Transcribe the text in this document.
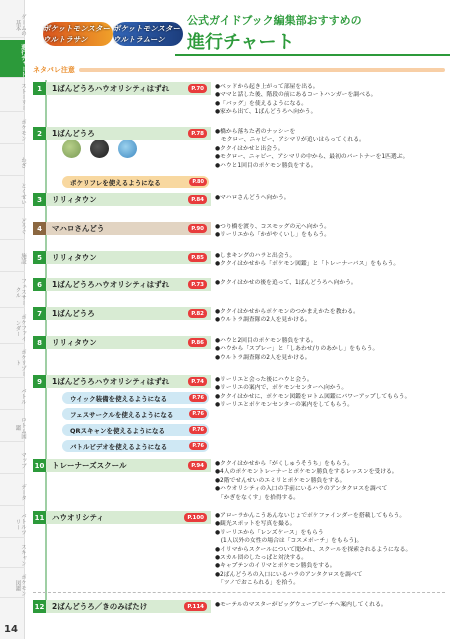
ゲームの基本
進行チャート
ストーリー
ポケモン
わざ
とくせい
どうぐ
施設
フェスサークル
ポケファインダー
ポケリゾート
バトル
ロトム図鑑
マップ
データ
バトルツリー
スキャン
ポケモン図鑑
14
ポケットモンスター ウルトラサン
ポケットモンスター ウルトラムーン
公式ガイドブック編集部おすすめの
進行チャート
ネタバレ注意
1	1ばんどうろハウオリシティはずれ	P.70	●ベッドから起き上がって部屋を出る。
●ママと話した後、階段の前にあるコートハンガーを調べる。
●「バッグ」を使えるようになる。
●家から出て、1ばんどうろへ向かう。
2	1ばんどうろ	P.78	●橋から落ちた者のナッシーを
　モクロー、ニャビー、アシマリが追いはらってくれる。
●ククイはかせと出会う。
●モクロー、ニャビー、アシマリの中から、最初のパートナーを1匹選ぶ。
●ハウと1回目のポケモン勝負をする。
3	リリィタウン	P.84	●マハロさんどうへ向かう。
4	マハロさんどう	P.90	●つり橋を渡り、コスモッグの元へ向かう。
●リーリエから「かがやくいし」をもらう。
5	リリィタウン	P.85	●しまキングのハラと出会う。
●ククイはかせから「ポケモン図鑑」と「トレーナーパス」をもらう。
6	1ばんどうろハウオリシティはずれ	P.73	●ククイはかせの後を追って、1ばんどうろへ向かう。
7	1ばんどうろ	P.82	●ククイはかせからポケモンのつかまえかたを教わる。
●ウルトラ調査隊の2人を見かける。
8	リリィタウン	P.86	●ハウと2回目のポケモン勝負をする。
●ハウから「スプレー」と「しあわせ/りのあかし」をもらう。
●ウルトラ調査隊の2人を見かける。
9	1ばんどうろハウオリシティはずれ	P.74	●リーリエと会った後にハウと会う。
●リーリエの案内で、ポケモンセンターへ向かう。
●ククイはかせに、ポケモン図鑑をロトム図鑑にパワーアップしてもらう。
●リーリエとポケモンセンターの案内をしてもらう。
10 トレーナーズスクール	P.94	●ククイはかせから「がくしゅうそうち」をもらう。
●4人のポケモントレーナーとポケモン勝負をするレッスンを受ける。
●2階でせんせいのエミリとポケモン勝負をする。
●ハウオリシティの入口の手前にいるハラのアンタクロスを調べて
　「かぎをなくす」を拾得する。
11 ハウオリシティ	P.100	●アローラかんこうあんないじょでポケファインダーを搭載してもらう。
●観光スポットを写真を撮る。
●リーリエから「レンズケース」をもらう
　(1人以外の女性の場合は「コスメポーチ」をもらう)。
●イリマからスクールについて聞かれ、スクールを探索されるようになる。
●スカル団のしたっぱと対決する。
●キャプテンのイリマとポケモン勝負をする。
●2ばんどうろの入口にいるハラのアンタクロスを調べて
　「ツノでおこられる」を拾う。
12 2ばんどうろ／きのみばたけ	P.114	●モーテルのマスターがビッグウェーブビーチへ案内してくれる。
ポケリフレを使えるようになる	P.80
ウイック装備を使えるようになる	P.76
フェスサークルを使えるようになる	P.76
QRスキャンを使えるようになる	P.76
バトルビデオを使えるようになる	P.76
